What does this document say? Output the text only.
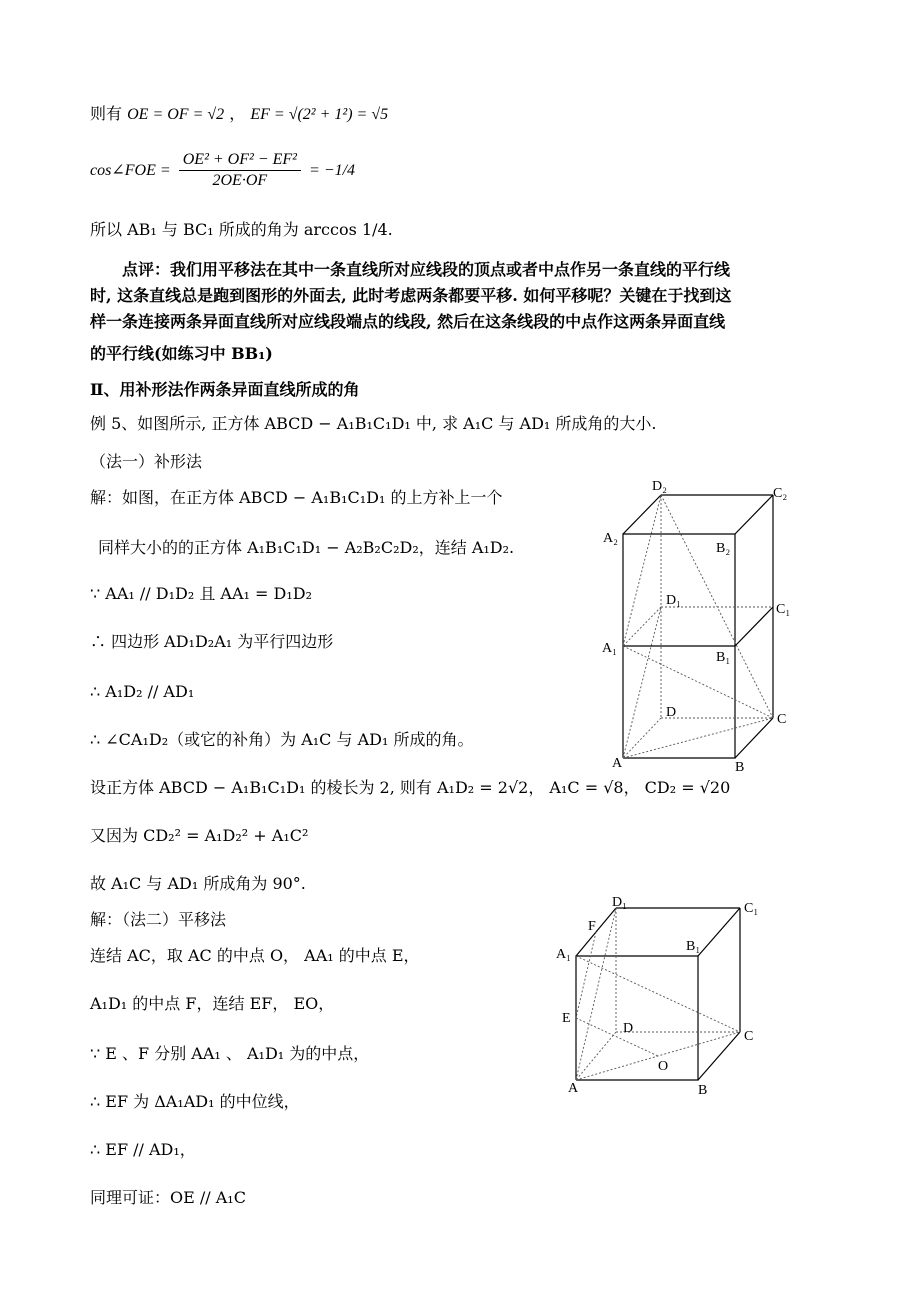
则有 OE = OF = √2 ， EF = √(2² + 1²) = √5
cos∠FOE = $\frac{\text{OE² + OF² − EF²}}{2OE\cdot OF} = -1/4$
所以 AB₁ 与 BC₁ 所成的角为 arccos 1/4.
点评：我们用平移法在其中一条直线所对应线段的顶点或者中点作另一条直线的平行线
时, 这条直线总是跑到图形的外面去, 此时考虑两条都要平移. 如何平移呢？关键在于找到这
样一条连接两条异面直线所对应线段端点的线段, 然后在这条线段的中点作这两条异面直线
的平行线(如练习中 BB₁)
Ⅱ、用补形法作两条异面直线所成的角
例 5、如图所示, 正方体 ABCD − A₁B₁C₁D₁ 中, 求 A₁C 与 AD₁ 所成角的大小.
（法一）补形法
解：如图，在正方体 ABCD − A₁B₁C₁D₁ 的上方补上一个
同样大小的的正方体 A₁B₁C₁D₁ − A₂B₂C₂D₂，连结 A₁D₂.
∵ AA₁ // D₁D₂ 且 AA₁ = D₁D₂
∴ 四边形 AD₁D₂A₁ 为平行四边形
∴ A₁D₂ // AD₁
∴ ∠CA₁D₂（或它的补角）为 A₁C 与 AD₁ 所成的角。
设正方体 ABCD − A₁B₁C₁D₁ 的棱长为 2, 则有 A₁D₂ = 2√2， A₁C = √8， CD₂ = √20
又因为 CD₂² = A₁D₂² + A₁C²
故 A₁C 与 AD₁ 所成角为 90°.
解：（法二）平移法
连结 AC，取 AC 的中点 O， AA₁ 的中点 E，
A₁D₁ 的中点 F，连结 EF， EO，
∵ E 、F 分别 AA₁ 、 A₁D₁ 为的中点，
∴ EF 为 ΔA₁AD₁ 的中位线，
∴ EF // AD₁，
同理可证：OE // A₁C
D₂	C₂
A₂
B₂
D₁
C₁
A₁
B₁
D	C
A	B
D₁	C₁
F
B₁
A₁
E
D
C
O
A	B
